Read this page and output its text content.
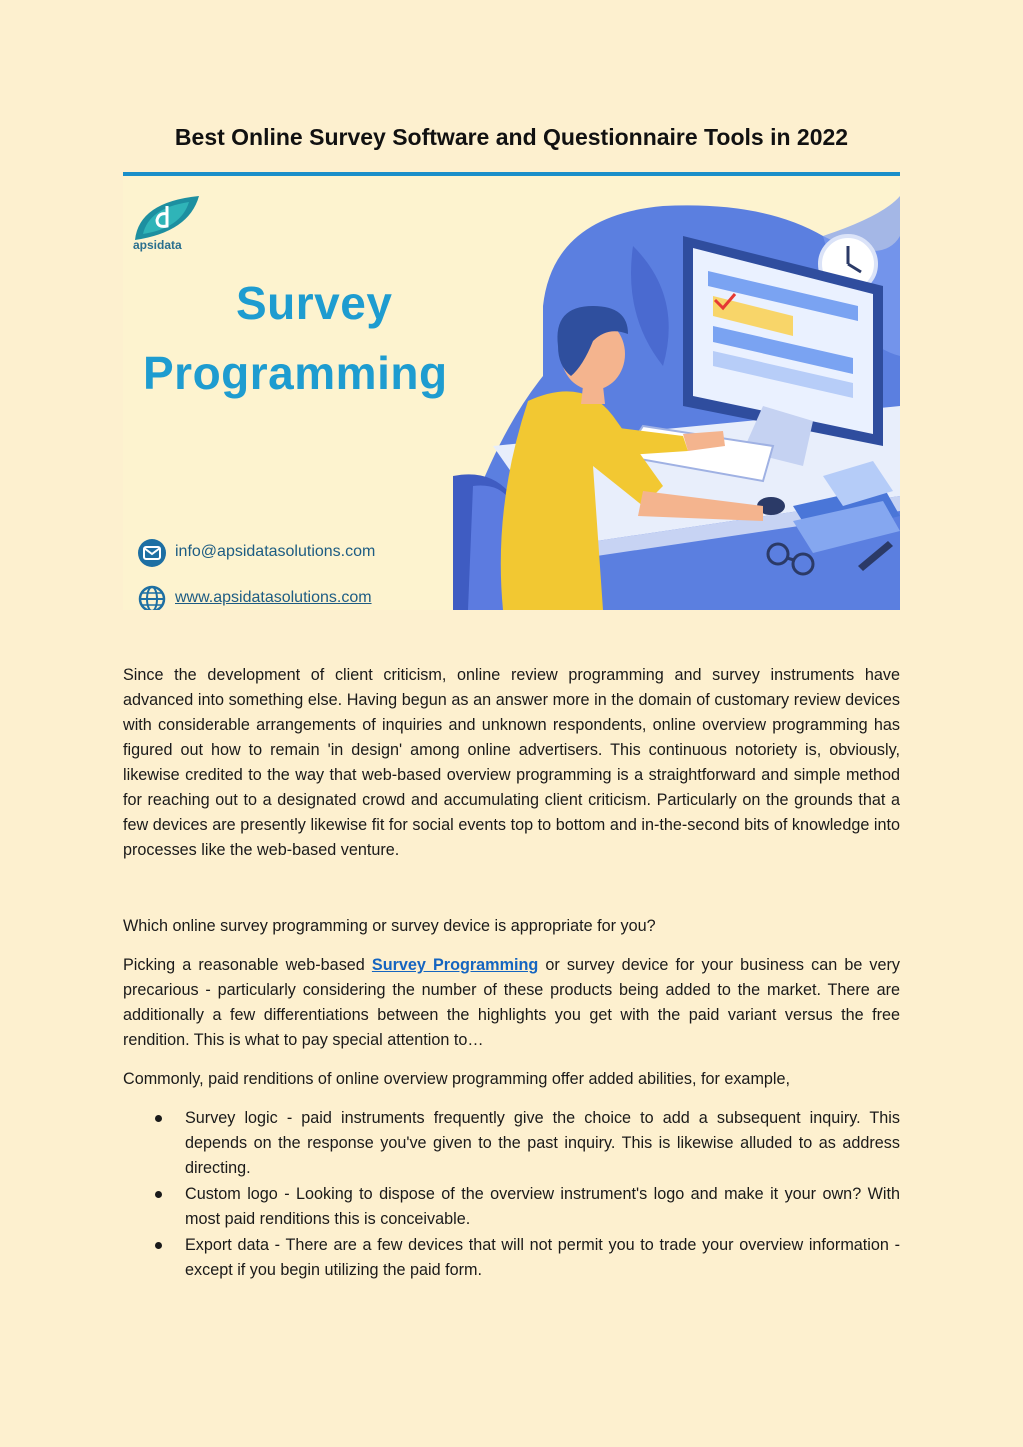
Best Online Survey Software and Questionnaire Tools in 2022
apsidata
Survey
Programming
info@apsidatasolutions.com
www.apsidatasolutions.com
Since the development of client criticism, online review programming and survey instruments have advanced into something else. Having begun as an answer more in the domain of customary review devices with considerable arrangements of inquiries and unknown respondents, online overview programming has figured out how to remain 'in design' among online advertisers. This continuous notoriety is, obviously, likewise credited to the way that web-based overview programming is a straightforward and simple method for reaching out to a designated crowd and accumulating client criticism. Particularly on the grounds that a few devices are presently likewise fit for social events top to bottom and in-the-second bits of knowledge into processes like the web-based venture.
Which online survey programming or survey device is appropriate for you?
Picking a reasonable web-based Survey Programming or survey device for your business can be very precarious - particularly considering the number of these products being added to the market. There are additionally a few differentiations between the highlights you get with the paid variant versus the free rendition. This is what to pay special attention to…
Commonly, paid renditions of online overview programming offer added abilities, for example,
Survey logic - paid instruments frequently give the choice to add a subsequent inquiry. This depends on the response you've given to the past inquiry. This is likewise alluded to as address directing.
Custom logo - Looking to dispose of the overview instrument's logo and make it your own? With most paid renditions this is conceivable.
Export data - There are a few devices that will not permit you to trade your overview information - except if you begin utilizing the paid form.
